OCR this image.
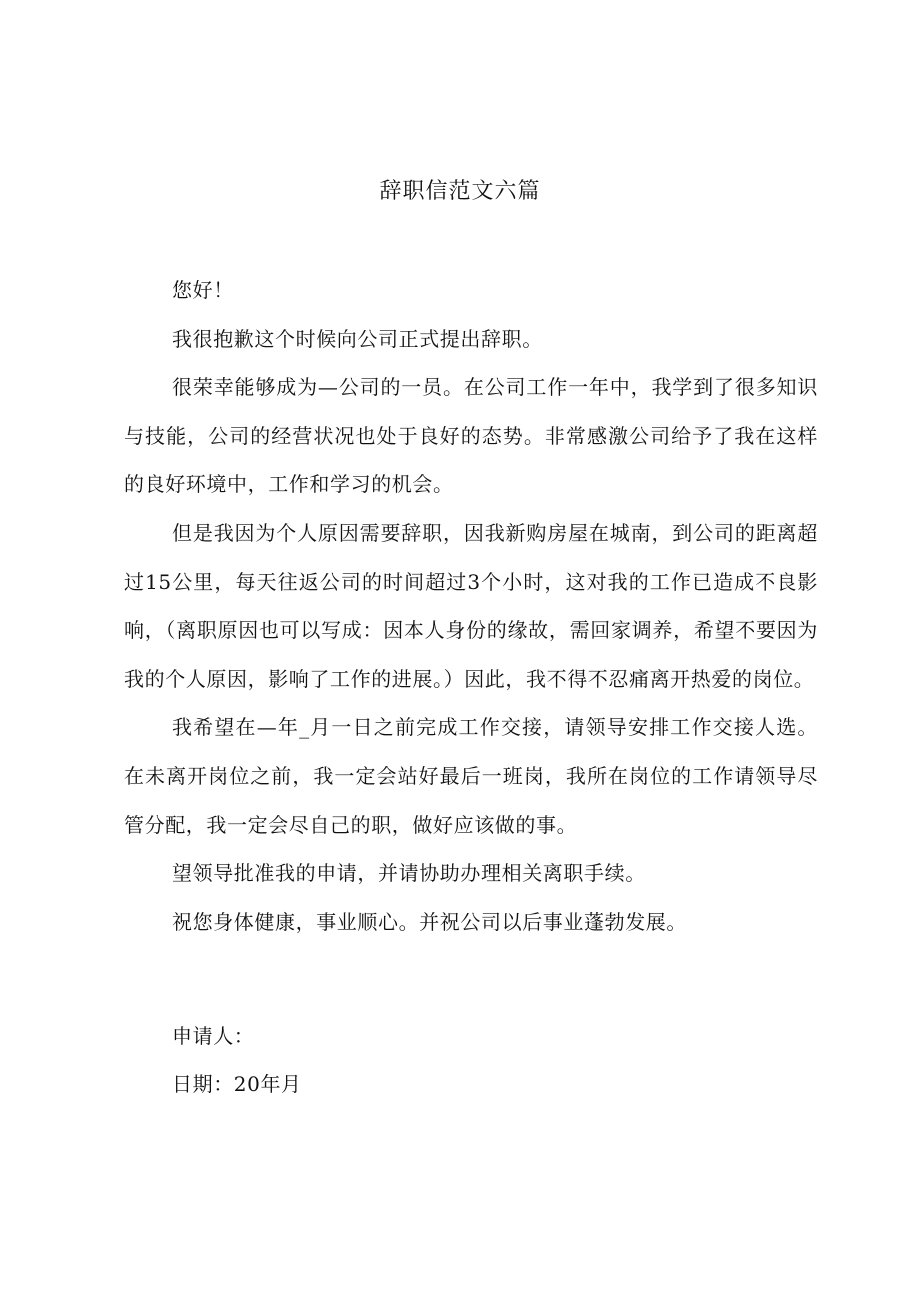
辞职信范文六篇

您好！

我很抱歉这个时候向公司正式提出辞职。

很荣幸能够成为—公司的一员。在公司工作一年中，我学到了很多知识与技能，公司的经营状况也处于良好的态势。非常感激公司给予了我在这样的良好环境中，工作和学习的机会。

但是我因为个人原因需要辞职，因我新购房屋在城南，到公司的距离超过15公里，每天往返公司的时间超过3个小时，这对我的工作已造成不良影响，（离职原因也可以写成：因本人身份的缘故，需回家调养，希望不要因为我的个人原因，影响了工作的进展。）因此，我不得不忍痛离开热爱的岗位。

我希望在—年_月一日之前完成工作交接，请领导安排工作交接人选。在未离开岗位之前，我一定会站好最后一班岗，我所在岗位的工作请领导尽管分配，我一定会尽自己的职，做好应该做的事。

望领导批准我的申请，并请协助办理相关离职手续。

祝您身体健康，事业顺心。并祝公司以后事业蓬勃发展。

申请人：
日期：20年月
